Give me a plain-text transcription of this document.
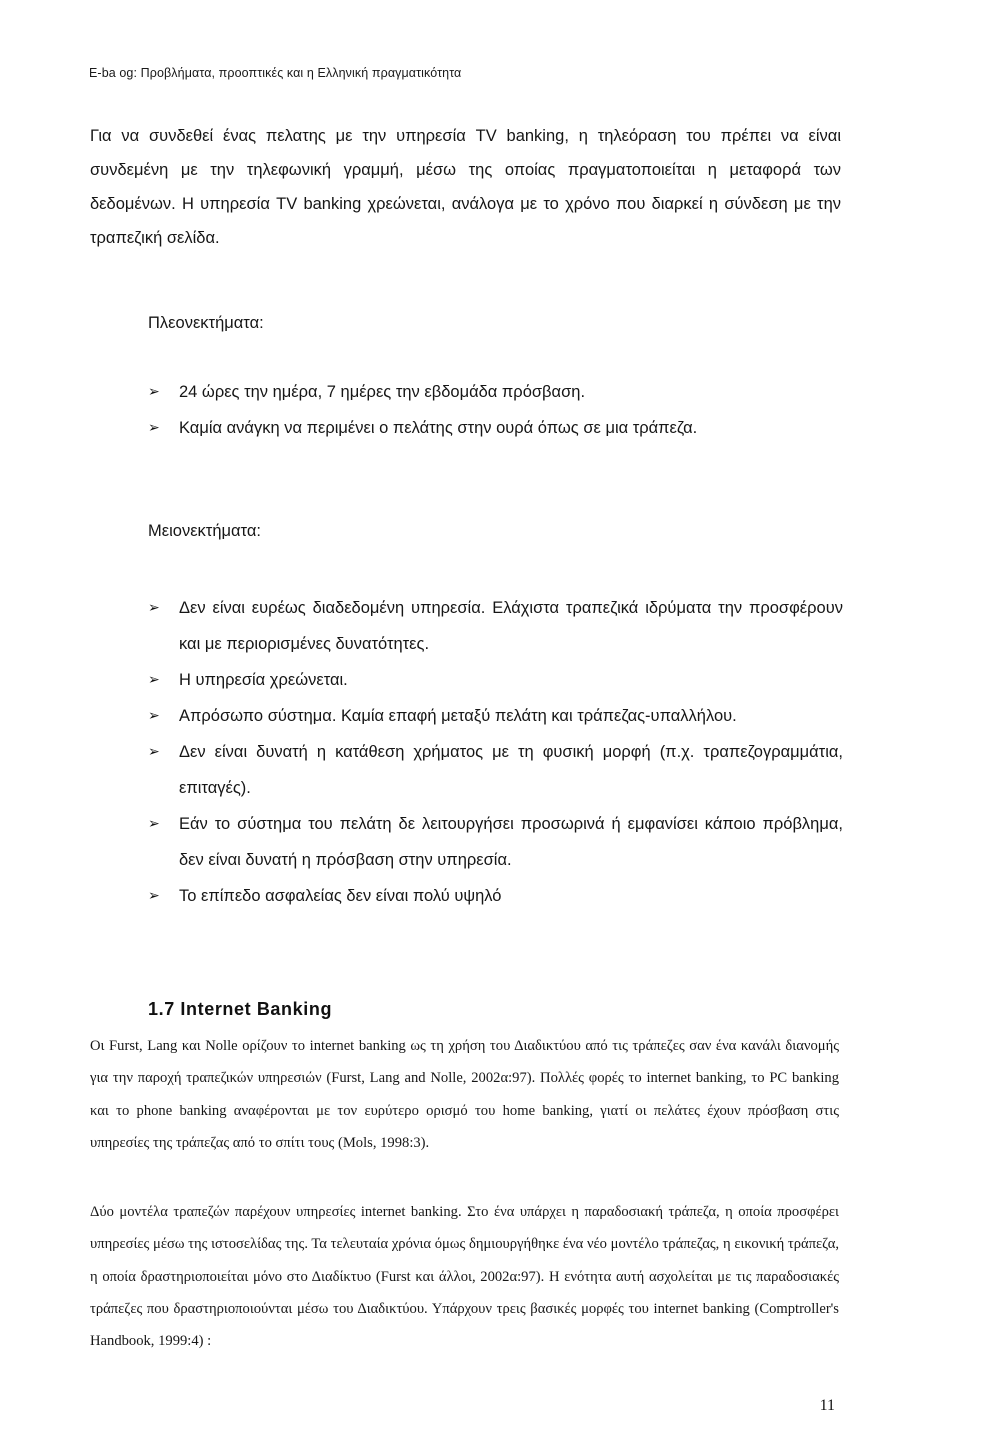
E-ba og: Προβλήματα, προοπτικές και η Ελληνική πραγματικότητα

Για να συνδεθεί ένας πελατης με την υπηρεσία TV banking, η τηλεόραση του πρέπει να είναι συνδεμένη με την τηλεφωνική γραμμή, μέσω της οποίας πραγματοποιείται η μεταφορά των δεδομένων. Η υπηρεσία TV banking χρεώνεται, ανάλογα με το χρόνο που διαρκεί η σύνδεση με την τραπεζική σελίδα.

Πλεονεκτήματα:
➢ 24 ώρες την ημέρα, 7 ημέρες την εβδομάδα πρόσβαση.
➢ Καμία ανάγκη να περιμένει ο πελάτης στην ουρά όπως σε μια τράπεζα.
Μειονεκτήματα:
➢ Δεν είναι ευρέως διαδεδομένη υπηρεσία. Ελάχιστα τραπεζικά ιδρύματα την προσφέρουν και με περιορισμένες δυνατότητες.
➢ Η υπηρεσία χρεώνεται.
➢ Απρόσωπο σύστημα. Καμία επαφή μεταξύ πελάτη και τράπεζας-υπαλλήλου.
➢ Δεν είναι δυνατή η κατάθεση χρήματος με τη φυσική μορφή (π.χ. τραπεζογραμμάτια, επιταγές).
➢ Εάν το σύστημα του πελάτη δε λειτουργήσει προσωρινά ή εμφανίσει κάποιο πρόβλημα, δεν είναι δυνατή η πρόσβαση στην υπηρεσία.
➢ Το επίπεδο ασφαλείας δεν είναι πολύ υψηλό
1.7 Internet Banking

Οι Furst, Lang και Nolle ορίζουν το internet banking ως τη χρήση του Διαδικτύου από τις τράπεζες σαν ένα κανάλι διανομής για την παροχή τραπεζικών υπηρεσιών (Furst, Lang and Nolle, 2002α:97). Πολλές φορές το internet banking, το PC banking και το phone banking αναφέρονται με τον ευρύτερο ορισμό του home banking, γιατί οι πελάτες έχουν πρόσβαση στις υπηρεσίες της τράπεζας από το σπίτι τους (Mols, 1998:3).

Δύο μοντέλα τραπεζών παρέχουν υπηρεσίες internet banking. Στο ένα υπάρχει η παραδοσιακή τράπεζα, η οποία προσφέρει υπηρεσίες μέσω της ιστοσελίδας της. Τα τελευταία χρόνια όμως δημιουργήθηκε ένα νέο μοντέλο τράπεζας, η εικονική τράπεζα, η οποία δραστηριοποιείται μόνο στο Διαδίκτυο (Furst και άλλοι, 2002α:97). Η ενότητα αυτή ασχολείται με τις παραδοσιακές τράπεζες που δραστηριοποιούνται μέσω του Διαδικτύου. Υπάρχουν τρεις βασικές μορφές του internet banking (Comptroller's Handbook, 1999:4) :

11
